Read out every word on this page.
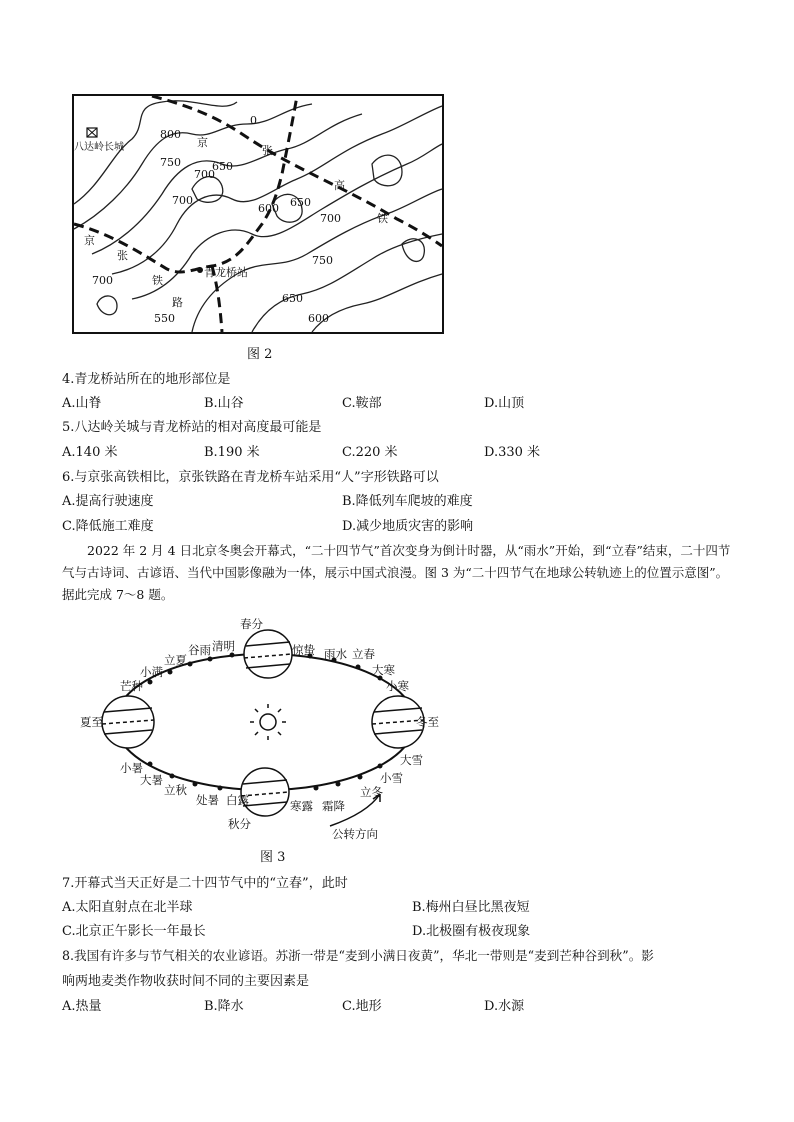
八达岭长城	京
张
高
铁
京
张
铁
路
青龙桥站
800
750
700
650
700
600 650
700
750
700
650
550	600
0
图 2
4.青龙桥站所在的地形部位是
A.山脊	B.山谷	C.鞍部	D.山顶
5.八达岭关城与青龙桥站的相对高度最可能是
A.140 米	B.190 米	C.220 米	D.330 米
6.与京张高铁相比，京张铁路在青龙桥车站采用“人”字形铁路可以
A.提高行驶速度	B.降低列车爬坡的难度
C.降低施工难度	D.减少地质灾害的影响
2022 年 2 月 4 日北京冬奥会开幕式，“二十四节气”首次变身为倒计时器，从“雨水”开始，到“立春”结束，二十四节气与古诗词、古谚语、当代中国影像融为一体，展示中国式浪漫。图 3 为“二十四节气在地球公转轨迹上的位置示意图”。据此完成 7～8 题。
春分
惊蛰 雨水 立春
大寒
小寒
冬至
大雪
小雪
立冬
霜降
寒露
秋分
白露
处暑
立秋
大暑
小暑
夏至
芒种
小满
立夏
谷雨 清明
公转方向
图 3
7.开幕式当天正好是二十四节气中的“立春”，此时
A.太阳直射点在北半球	B.梅州白昼比黑夜短
C.北京正午影长一年最长	D.北极圈有极夜现象
8.我国有许多与节气相关的农业谚语。苏浙一带是“麦到小满日夜黄”，华北一带则是“麦到芒种谷到秋”。影
响两地麦类作物收获时间不同的主要因素是
A.热量	B.降水	C.地形	D.水源
